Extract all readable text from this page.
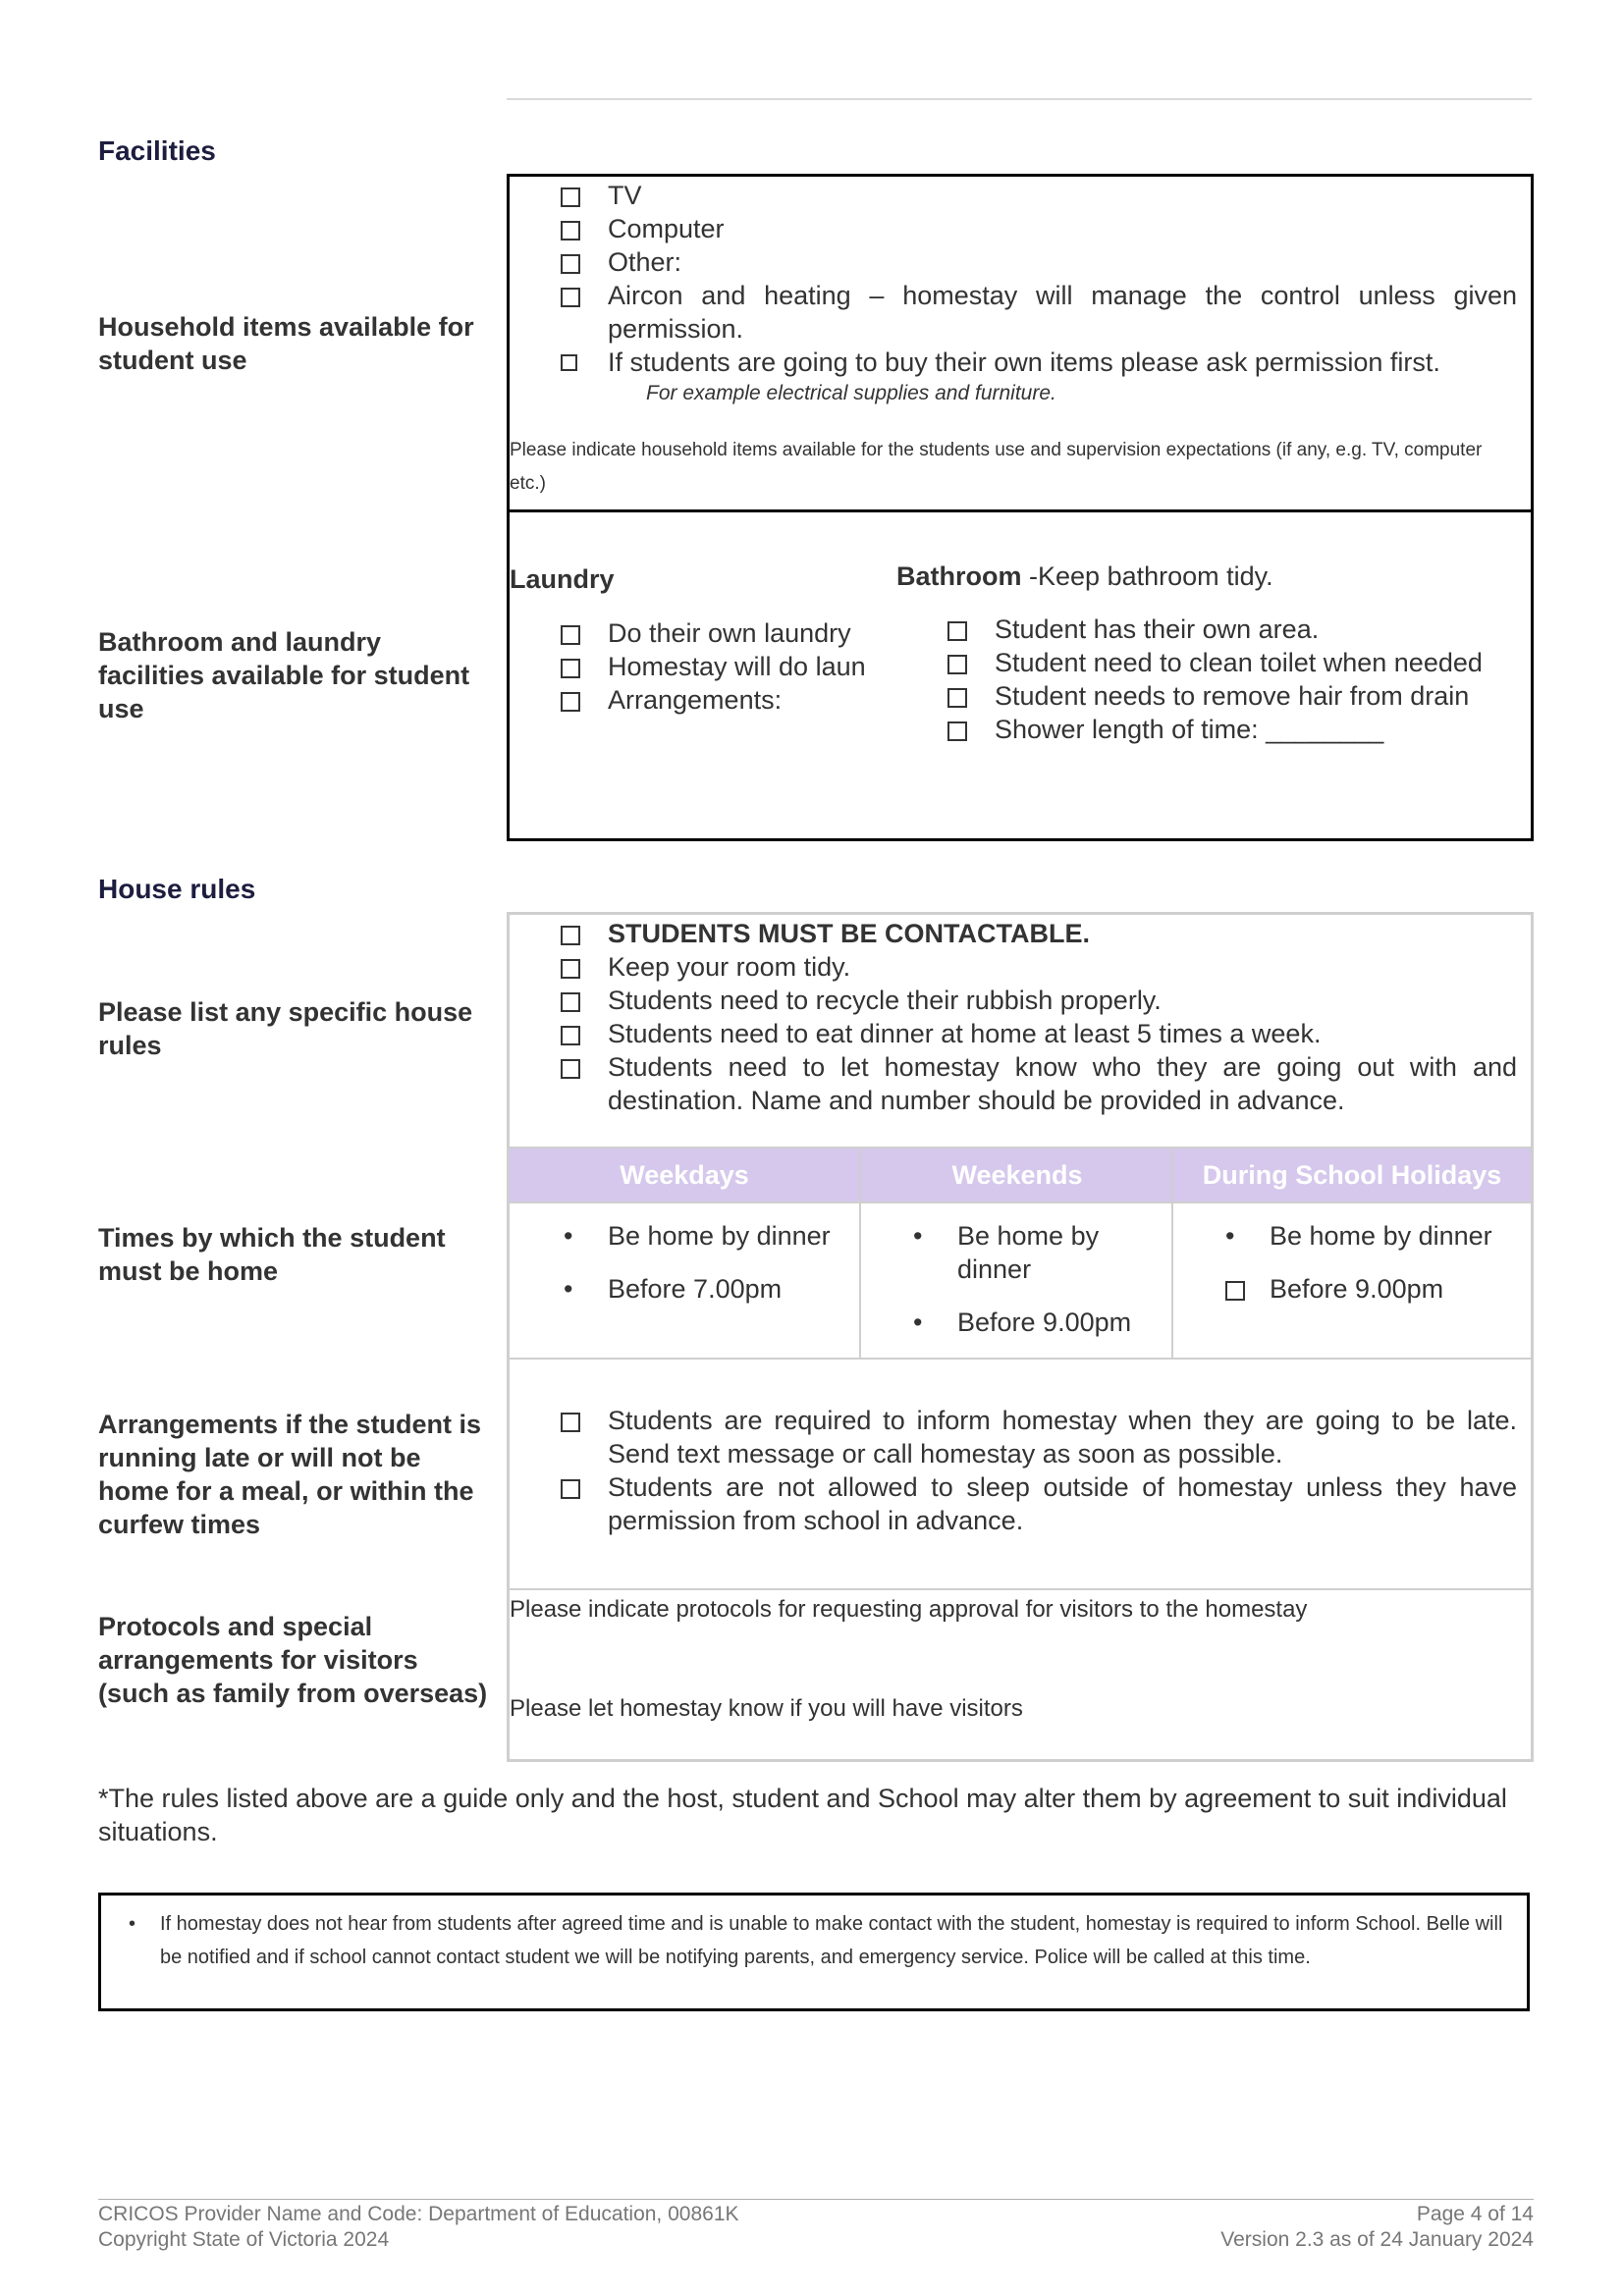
Facilities
Household items available for student use
TV
Computer
Other:
Aircon and heating – homestay will manage the control unless given permission.
If students are going to buy their own items please ask permission first.
For example electrical supplies and furniture.
Please indicate household items available for the students use and supervision expectations (if any, e.g. TV, computer etc.)
Bathroom and laundry facilities available for student use
Laundry
Do their own laundry
Homestay will do laun
Arrangements:
Bathroom -Keep bathroom tidy.
Student has their own area.
Student need to clean toilet when needed
Student needs to remove hair from drain
Shower length of time: ________
House rules
Please list any specific house rules
STUDENTS MUST BE CONTACTABLE.
Keep your room tidy.
Students need to recycle their rubbish properly.
Students need to eat dinner at home at least 5 times a week.
Students need to let homestay know who they are going out with and destination. Name and number should be provided in advance.
Weekdays	Weekends	During School Holidays
• Be home by dinner
• Before 7.00pm
• Be home by dinner
• Before 9.00pm
• Be home by dinner
Before 9.00pm
Students are required to inform homestay when they are going to be late. Send text message or call homestay as soon as possible.
Students are not allowed to sleep outside of homestay unless they have permission from school in advance.
Please indicate protocols for requesting approval for visitors to the homestay
Please let homestay know if you will have visitors
Times by which the student must be home
Arrangements if the student is running late or will not be home for a meal, or within the curfew times
Protocols and special arrangements for visitors (such as family from overseas)
*The rules listed above are a guide only and the host, student and School may alter them by agreement to suit individual situations.
• If homestay does not hear from students after agreed time and is unable to make contact with the student, homestay is required to inform School. Belle will be notified and if school cannot contact student we will be notifying parents, and emergency service. Police will be called at this time.
CRICOS Provider Name and Code: Department of Education, 00861K
Copyright State of Victoria 2024
Page 4 of 14
Version 2.3 as of 24 January 2024
